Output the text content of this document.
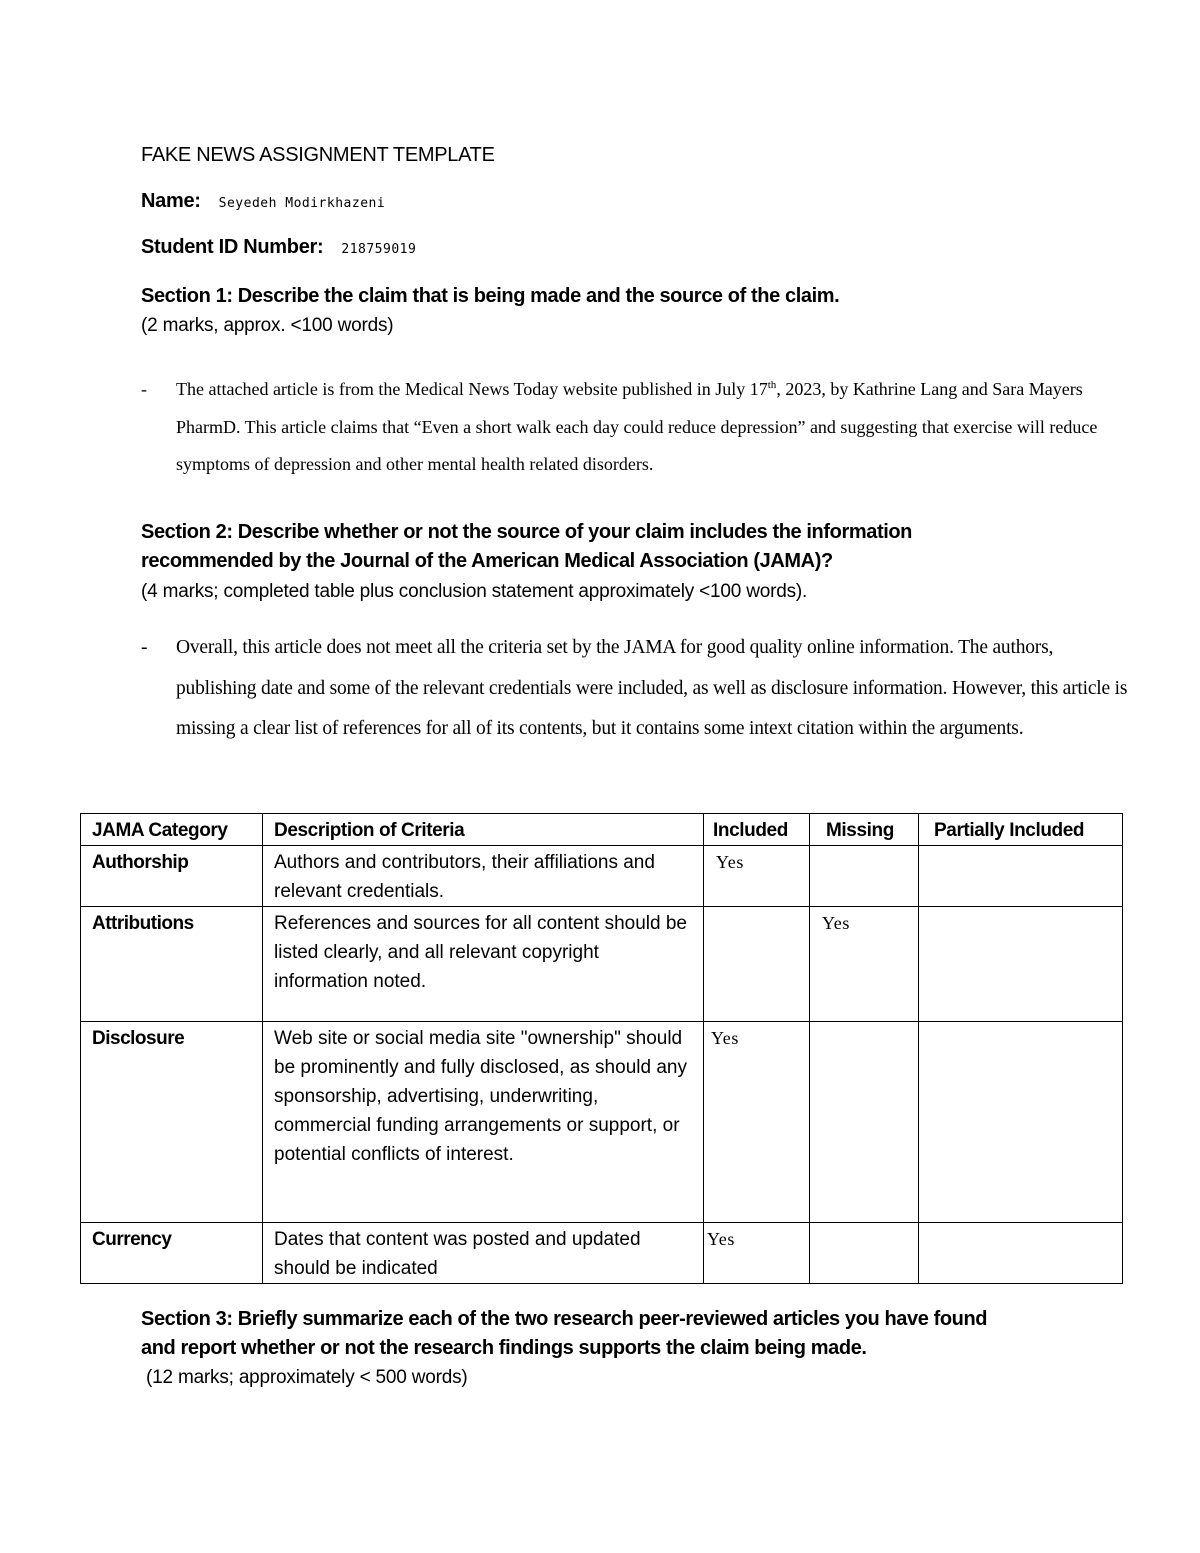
FAKE NEWS ASSIGNMENT TEMPLATE
Name: Seyedeh Modirkhazeni
Student ID Number: 218759019
Section 1: Describe the claim that is being made and the source of the claim.
(2 marks, approx. <100 words)
- The attached article is from the Medical News Today website published in July 17th, 2023, by Kathrine Lang and Sara Mayers PharmD. This article claims that “Even a short walk each day could reduce depression” and suggesting that exercise will reduce symptoms of depression and other mental health related disorders.
Section 2: Describe whether or not the source of your claim includes the information
recommended by the Journal of the American Medical Association (JAMA)?
(4 marks; completed table plus conclusion statement approximately <100 words).
- Overall, this article does not meet all the criteria set by the JAMA for good quality online information. The authors, publishing date and some of the relevant credentials were included, as well as disclosure information. However, this article is missing a clear list of references for all of its contents, but it contains some intext citation within the arguments.
JAMA Category	Description of Criteria	Included	Missing	Partially Included
Authorship	Authors and contributors, their affiliations and relevant credentials.	Yes		
Attributions	References and sources for all content should be listed clearly, and all relevant copyright information noted.		Yes	
Disclosure	Web site or social media site "ownership" should be prominently and fully disclosed, as should any sponsorship, advertising, underwriting, commercial funding arrangements or support, or potential conflicts of interest.	Yes		
Currency	Dates that content was posted and updated should be indicated	Yes		
Section 3: Briefly summarize each of the two research peer-reviewed articles you have found
and report whether or not the research findings supports the claim being made.
(12 marks; approximately < 500 words)
